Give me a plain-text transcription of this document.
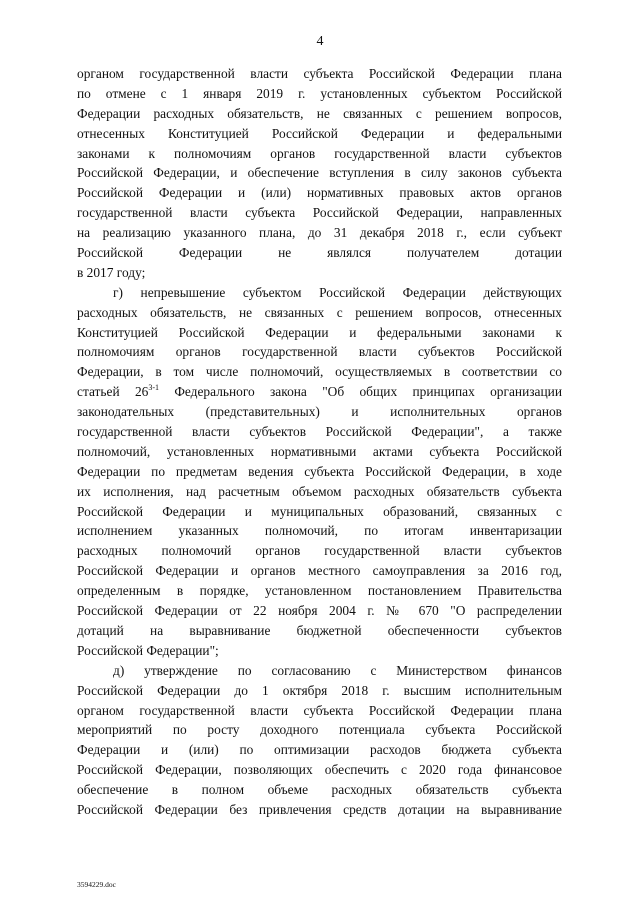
4
органом государственной власти субъекта Российской Федерации плана
по отмене с 1 января 2019 г. установленных субъектом Российской
Федерации расходных обязательств, не связанных с решением вопросов,
отнесенных Конституцией Российской Федерации и федеральными
законами к полномочиям органов государственной власти субъектов
Российской Федерации, и обеспечение вступления в силу законов субъекта
Российской Федерации и (или) нормативных правовых актов органов
государственной власти субъекта Российской Федерации, направленных
на реализацию указанного плана, до 31 декабря 2018 г., если субъект
Российской Федерации не являлся получателем дотации
в 2017 году;
г) непревышение субъектом Российской Федерации действующих
расходных обязательств, не связанных с решением вопросов, отнесенных
Конституцией Российской Федерации и федеральными законами к
полномочиям органов государственной власти субъектов Российской
Федерации, в том числе полномочий, осуществляемых в соответствии со
статьей 26$^{3-1}$ Федерального закона "Об общих принципах организации
законодательных (представительных) и исполнительных органов
государственной власти субъектов Российской Федерации", а также
полномочий, установленных нормативными актами субъекта Российской
Федерации по предметам ведения субъекта Российской Федерации, в ходе
их исполнения, над расчетным объемом расходных обязательств субъекта
Российской Федерации и муниципальных образований, связанных с
исполнением указанных полномочий, по итогам инвентаризации
расходных полномочий органов государственной власти субъектов
Российской Федерации и органов местного самоуправления за 2016 год,
определенным в порядке, установленном постановлением Правительства
Российской Федерации от 22 ноября 2004 г. № 670 "О распределении
дотаций на выравнивание бюджетной обеспеченности субъектов
Российской Федерации";
д) утверждение по согласованию с Министерством финансов
Российской Федерации до 1 октября 2018 г. высшим исполнительным
органом государственной власти субъекта Российской Федерации плана
мероприятий по росту доходного потенциала субъекта Российской
Федерации и (или) по оптимизации расходов бюджета субъекта
Российской Федерации, позволяющих обеспечить с 2020 года финансовое
обеспечение в полном объеме расходных обязательств субъекта
Российской Федерации без привлечения средств дотации на выравнивание
3594229.doc
